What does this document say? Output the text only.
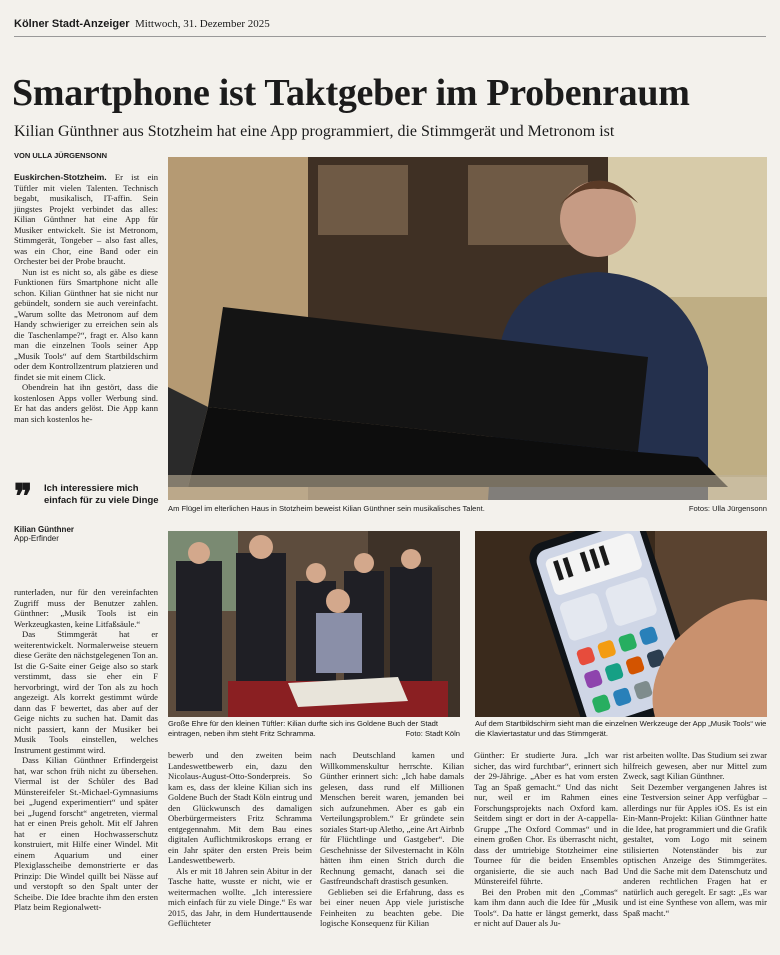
Kölner Stadt-Anzeiger Mittwoch, 31. Dezember 2025
Smartphone ist Taktgeber im Probenraum
Kilian Günthner aus Stotzheim hat eine App programmiert, die Stimmgerät und Metronom ist
VON ULLA JÜRGENSONN

Euskirchen-Stotzheim. Er ist ein Tüftler mit vielen Talenten. Technisch begabt, musikalisch, IT-affin. Sein jüngstes Projekt verbindet das alles: Kilian Günthner hat eine App für Musiker entwickelt. Sie ist Metronom, Stimmgerät, Tongeber – also fast alles, was ein Chor, eine Band oder ein Orchester bei der Probe braucht.

Nun ist es nicht so, als gäbe es diese Funktionen fürs Smartphone nicht alle schon. Kilian Günthner hat sie nicht nur gebündelt, sondern sie auch vereinfacht. „Warum sollte das Metronom auf dem Handy schwieriger zu erreichen sein als die Taschenlampe?“, fragt er. Also kann man die einzelnen Tools seiner App „Musik Tools“ auf dem Startbildschirm oder dem Kontrollzentrum platzieren und findet sie mit einem Click.

Obendrein hat ihn gestört, dass die kostenlosen Apps voller Werbung sind. Er hat das anders gelöst. Die App kann man sich kostenlos he-

❞	Ich interessiere mich einfach für zu viele Dinge
Kilian Günthner
App-Erfinder

runterladen, nur für den vereinfachten Zugriff muss der Benutzer zahlen. Günthner: „Musik Tools ist ein Werkzeugkasten, keine Litfaßsäule.“

Das Stimmgerät hat er weiterentwickelt. Normalerweise steuern diese Geräte den nächstgelegenen Ton an. Ist die G-Saite einer Geige also so stark verstimmt, dass sie eher ein F hervorbringt, wird der Ton als zu hoch angezeigt. Als korrekt gestimmt würde dann das F bewertet, das aber auf der Geige nichts zu suchen hat. Damit das nicht passiert, kann der Musiker bei Musik Tools einstellen, welches Instrument gestimmt wird.

Dass Kilian Günthner Erfindergeist hat, war schon früh nicht zu übersehen. Viermal ist der Schüler des Bad Münstereifeler St.-Michael-Gymnasiums bei „Jugend experimentiert“ und später bei „Jugend forscht“ angetreten, viermal hat er einen Preis geholt. Mit elf Jahren hat er einen Hochwasserschutz konstruiert, mit Hilfe einer Windel. Mit einem Aquarium und einer Plexiglasscheibe demonstrierte er das Prinzip: Die Windel quillt bei Nässe auf und verstopft so den Spalt unter der Scheibe. Die Idee brachte ihm den ersten Platz beim Regionalwett-

Am Flügel im elterlichen Haus in Stotzheim beweist Kilian Günthner sein musikalisches Talent.	Fotos: Ulla Jürgensonn
Große Ehre für den kleinen Tüftler: Kilian durfte sich ins Goldene Buch der Stadt eintragen, neben ihm steht Fritz Schramma.	Foto: Stadt Köln
Auf dem Startbildschirm sieht man die einzelnen Werkzeuge der App „Musik Tools“ wie die Klaviertastatur und das Stimmgerät.

bewerb und den zweiten beim Landeswettbewerb ein, dazu den Nicolaus-August-Otto-Sonderpreis. So kam es, dass der kleine Kilian sich ins Goldene Buch der Stadt Köln eintrug und den Glückwunsch des damaligen Oberbürgermeisters Fritz Schramma entgegennahm. Mit dem Bau eines digitalen Auflichtmikroskops errang er ein Jahr später den ersten Preis beim Landeswettbewerb.

Als er mit 18 Jahren sein Abitur in der Tasche hatte, wusste er nicht, wie er weitermachen wollte. „Ich interessiere mich einfach für zu viele Dinge.“ Es war 2015, das Jahr, in dem Hunderttausende Geflüchteter

nach Deutschland kamen und Willkommenskultur herrschte. Kilian Günther erinnert sich: „Ich habe damals gelesen, dass rund elf Millionen Menschen bereit waren, jemanden bei sich aufzunehmen. Aber es gab ein Verteilungsproblem.“ Er gründete sein soziales Start-up Aletho, „eine Art Airbnb für Flüchtlinge und Gastgeber“. Die Geschehnisse der Silvesternacht in Köln hätten ihm einen Strich durch die Rechnung gemacht, danach sei die Gastfreundschaft drastisch gesunken.

Geblieben sei die Erfahrung, dass es bei einer neuen App viele juristische Feinheiten zu beachten gebe. Die logische Konsequenz für Kilian

Günther: Er studierte Jura. „Ich war sicher, das wird furchtbar“, erinnert sich der 29-Jährige. „Aber es hat vom ersten Tag an Spaß gemacht.“ Und das nicht nur, weil er im Rahmen eines Forschungsprojekts nach Oxford kam. Seitdem singt er dort in der A-cappella-Gruppe „The Oxford Commas“ und in einem großen Chor. Es überrascht nicht, dass der umtriebige Stotzheimer eine Tournee für die beiden Ensembles organisierte, die sie auch nach Bad Münstereifel führte.

Bei den Proben mit den „Commas“ kam ihm dann auch die Idee für „Musik Tools“. Da hatte er längst gemerkt, dass er nicht auf Dauer als Ju-

rist arbeiten wollte. Das Studium sei zwar hilfreich gewesen, aber nur Mittel zum Zweck, sagt Kilian Günthner.

Seit Dezember vergangenen Jahres ist eine Testversion seiner App verfügbar – allerdings nur für Apples iOS. Es ist ein Ein-Mann-Projekt: Kilian Günthner hatte die Idee, hat programmiert und die Grafik gestaltet, vom Logo mit seinem stilisierten Notenständer bis zur optischen Anzeige des Stimmgerätes. Und die Sache mit dem Datenschutz und anderen rechtlichen Fragen hat er natürlich auch geregelt. Er sagt: „Es war und ist eine Synthese von allem, was mir Spaß macht.“
